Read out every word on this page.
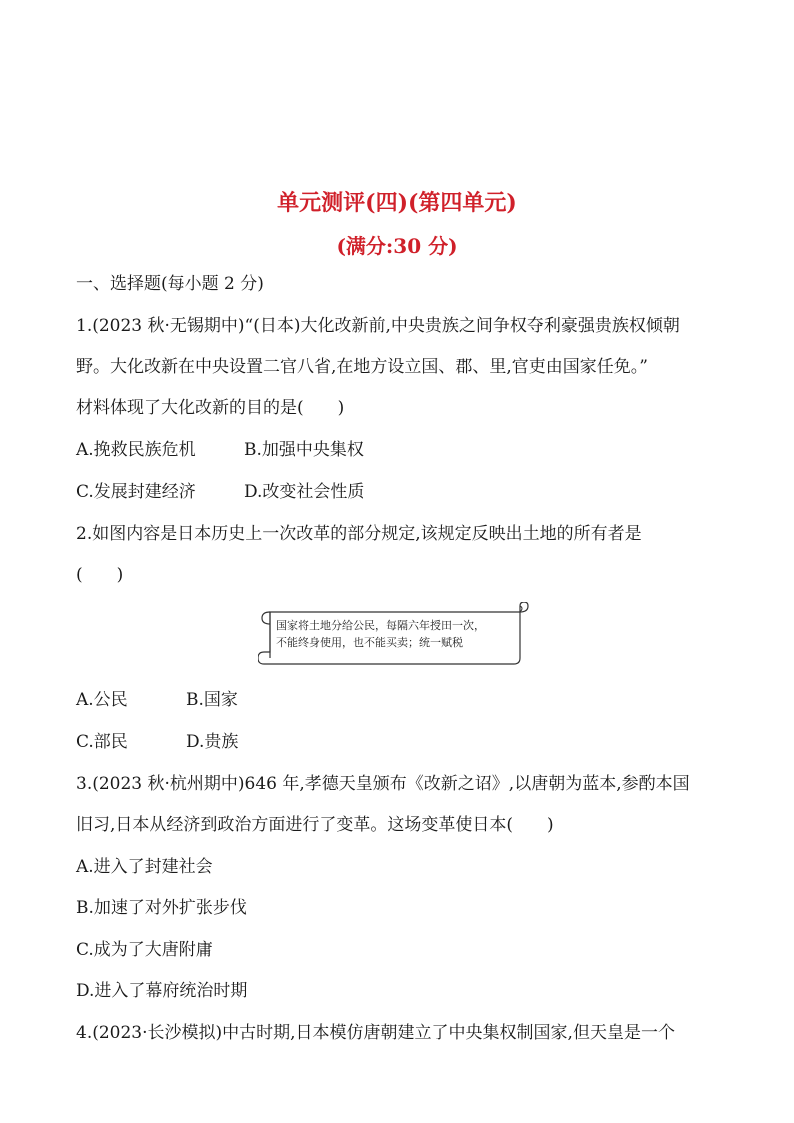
单元测评(四)(第四单元)
(满分:30 分)
一、选择题(每小题 2 分)
1.(2023 秋·无锡期中)“(日本)大化改新前,中央贵族之间争权夺利豪强贵族权倾朝
野。大化改新在中央设置二官八省,在地方设立国、郡、里,官吏由国家任免。”
材料体现了大化改新的目的是(　　)
A.挽救民族危机	B.加强中央集权
C.发展封建经济	D.改变社会性质
2.如图内容是日本历史上一次改革的部分规定,该规定反映出土地的所有者是
(　　)
国家将土地分给公民，每隔六年授田一次，
不能终身使用，也不能买卖；统一赋税
A.公民	B.国家
C.部民	D.贵族
3.(2023 秋·杭州期中)646 年,孝德天皇颁布《改新之诏》,以唐朝为蓝本,参酌本国
旧习,日本从经济到政治方面进行了变革。这场变革使日本(　　)
A.进入了封建社会
B.加速了对外扩张步伐
C.成为了大唐附庸
D.进入了幕府统治时期
4.(2023·长沙模拟)中古时期,日本模仿唐朝建立了中央集权制国家,但天皇是一个
